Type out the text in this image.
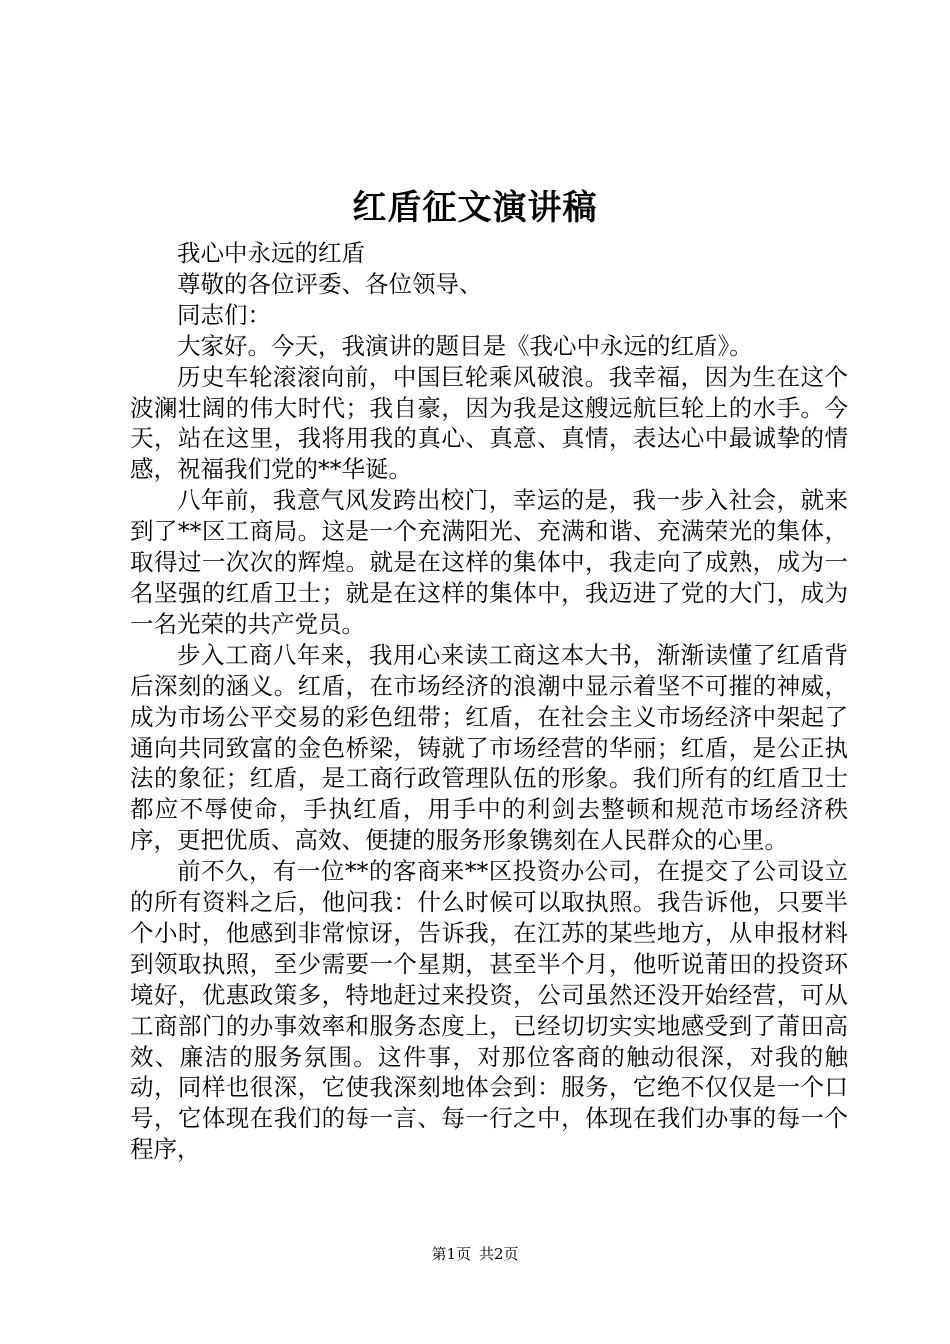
红盾征文演讲稿

我心中永远的红盾

尊敬的各位评委、各位领导、

同志们：

大家好。今天，我演讲的题目是《我心中永远的红盾》。

历史车轮滚滚向前，中国巨轮乘风破浪。我幸福，因为生在这个波澜壮阔的伟大时代；我自豪，因为我是这艘远航巨轮上的水手。今天，站在这里，我将用我的真心、真意、真情，表达心中最诚挚的情感，祝福我们党的**华诞。

八年前，我意气风发跨出校门，幸运的是，我一步入社会，就来到了**区工商局。这是一个充满阳光、充满和谐、充满荣光的集体，取得过一次次的辉煌。就是在这样的集体中，我走向了成熟，成为一名坚强的红盾卫士；就是在这样的集体中，我迈进了党的大门，成为一名光荣的共产党员。

步入工商八年来，我用心来读工商这本大书，渐渐读懂了红盾背后深刻的涵义。红盾，在市场经济的浪潮中显示着坚不可摧的神威，成为市场公平交易的彩色纽带；红盾，在社会主义市场经济中架起了通向共同致富的金色桥梁，铸就了市场经营的华丽；红盾，是公正执法的象征；红盾，是工商行政管理队伍的形象。我们所有的红盾卫士都应不辱使命，手执红盾，用手中的利剑去整顿和规范市场经济秩序，更把优质、高效、便捷的服务形象镌刻在人民群众的心里。

前不久，有一位**的客商来**区投资办公司，在提交了公司设立的所有资料之后，他问我：什么时候可以取执照。我告诉他，只要半个小时，他感到非常惊讶，告诉我，在江苏的某些地方，从申报材料到领取执照，至少需要一个星期，甚至半个月，他听说莆田的投资环境好，优惠政策多，特地赶过来投资，公司虽然还没开始经营，可从工商部门的办事效率和服务态度上，已经切切实实地感受到了莆田高效、廉洁的服务氛围。这件事，对那位客商的触动很深，对我的触动，同样也很深，它使我深刻地体会到：服务，它绝不仅仅是一个口号，它体现在我们的每一言、每一行之中，体现在我们办事的每一个程序，

第1页 共2页
